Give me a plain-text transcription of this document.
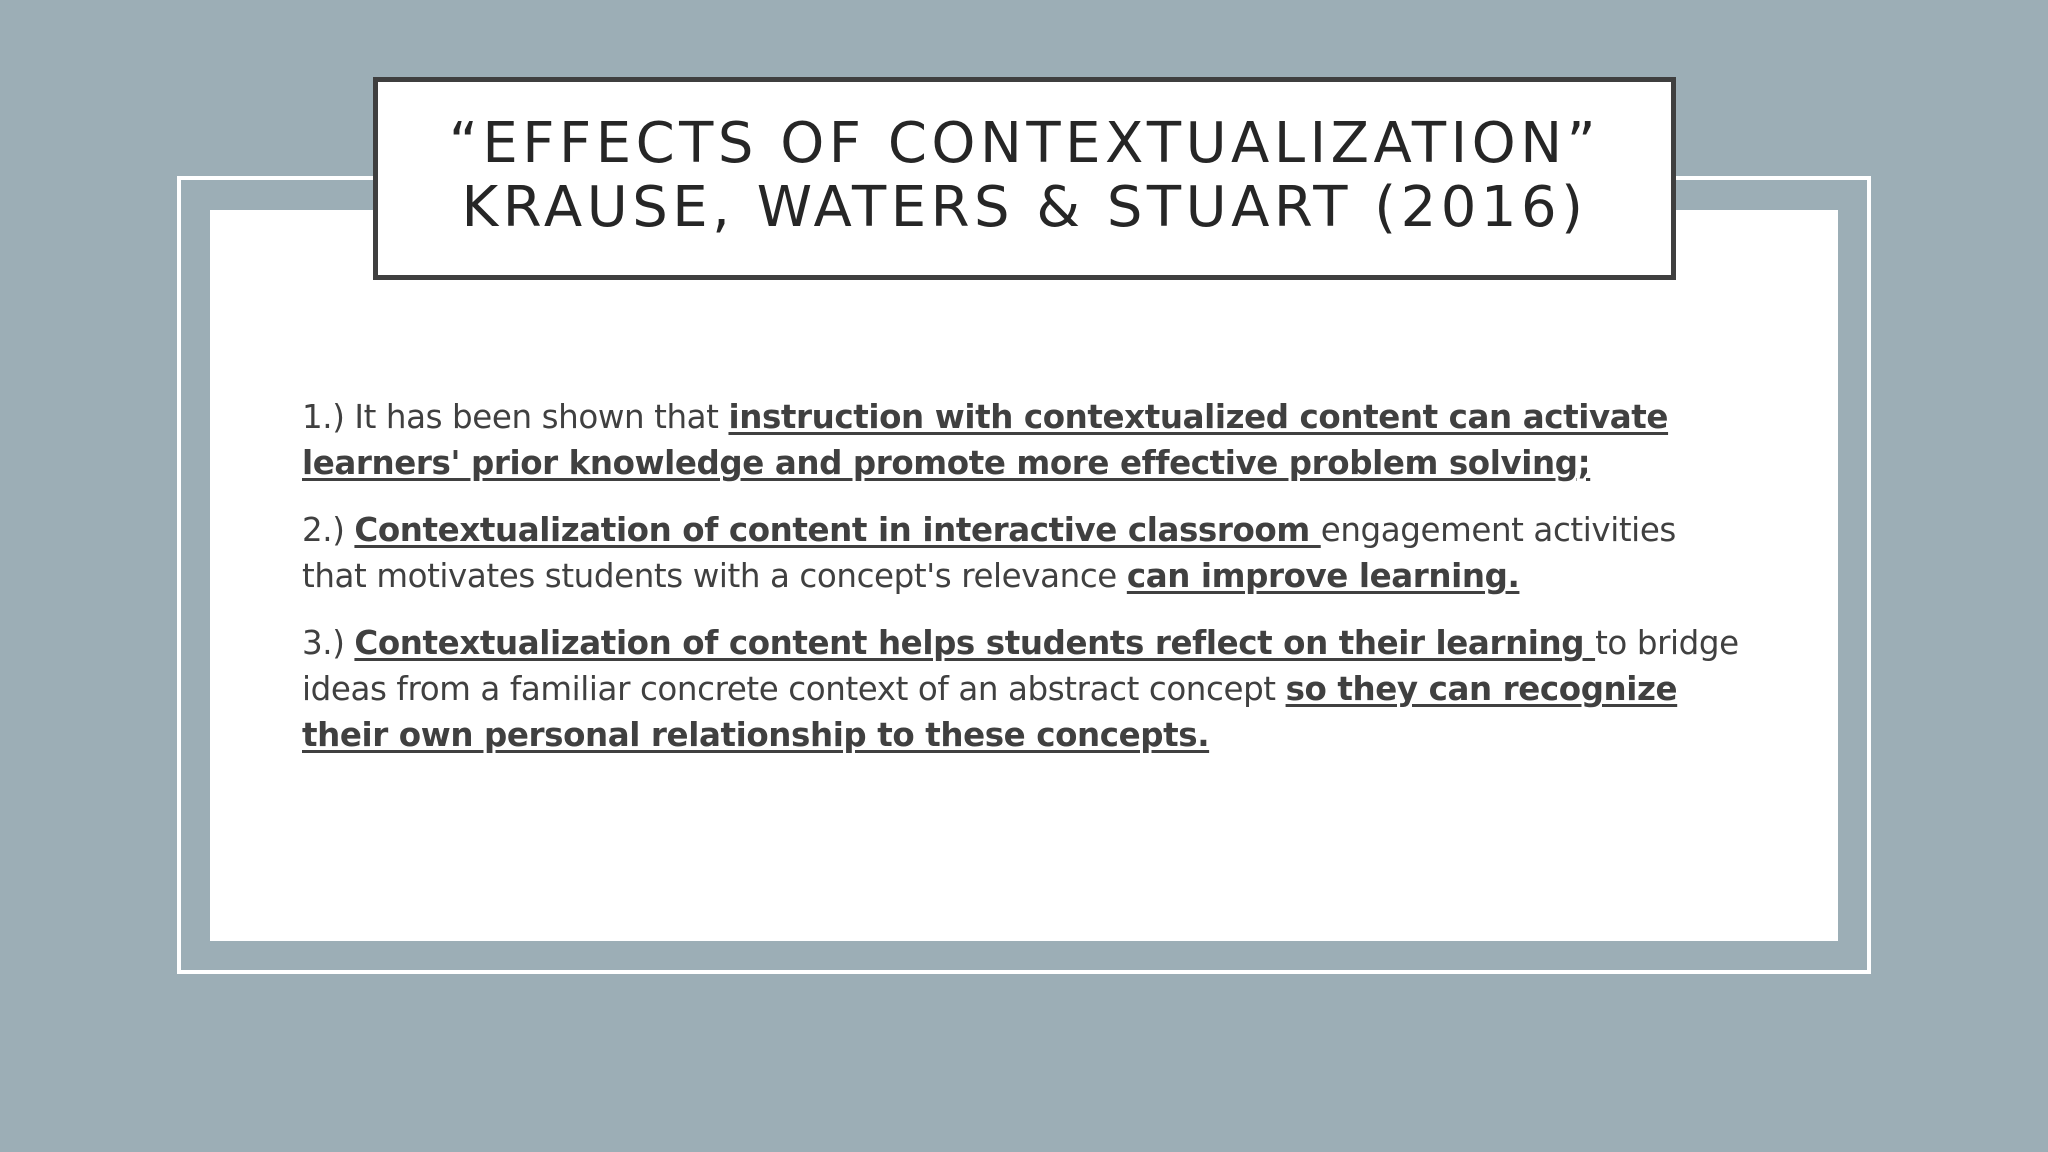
“EFFECTS OF CONTEXTUALIZATION”
KRAUSE, WATERS & STUART (2016)

1.) It has been shown that instruction with contextualized content can activate learners' prior knowledge and promote more effective problem solving;

2.) Contextualization of content in interactive classroom engagement activities that motivates students with a concept's relevance can improve learning.

3.) Contextualization of content helps students reflect on their learning to bridge ideas from a familiar concrete context of an abstract concept so they can recognize their own personal relationship to these concepts.
